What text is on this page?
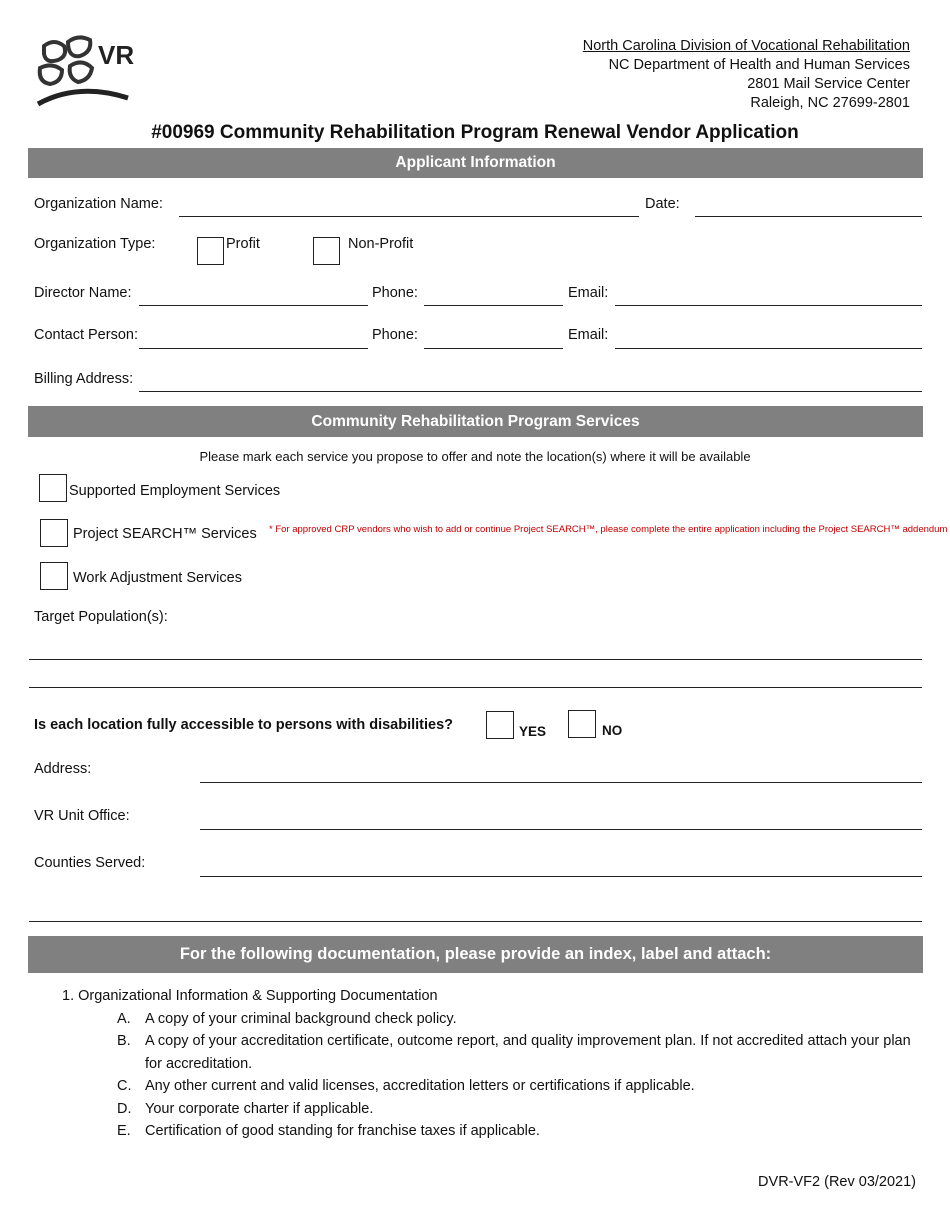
VR	North Carolina Division of Vocational Rehabilitation
NC Department of Health and Human Services
2801 Mail Service Center
Raleigh, NC 27699-2801
#00969 Community Rehabilitation Program Renewal Vendor Application
Applicant Information
Organization Name:	Date:
Organization Type:	Profit	Non-Profit
Director Name:	Phone:	Email:
Contact Person:	Phone:	Email:
Billing Address:
Community Rehabilitation Program Services
Please mark each service you propose to offer and note the location(s) where it will be available
Supported Employment Services
Project SEARCH™ Services * For approved CRP vendors who wish to add or continue Project SEARCH™, please complete the entire application including the Project SEARCH™ addendum
Work Adjustment Services
Target Population(s):
Is each location fully accessible to persons with disabilities?	YES	NO
Address:
VR Unit Office:
Counties Served:
For the following documentation, please provide an index, label and attach:
1. Organizational Information & Supporting Documentation
A. A copy of your criminal background check policy.
B. A copy of your accreditation certificate, outcome report, and quality improvement plan. If not accredited attach your plan for accreditation.
C. Any other current and valid licenses, accreditation letters or certifications if applicable.
D. Your corporate charter if applicable.
E. Certification of good standing for franchise taxes if applicable.
DVR-VF2 (Rev 03/2021)
